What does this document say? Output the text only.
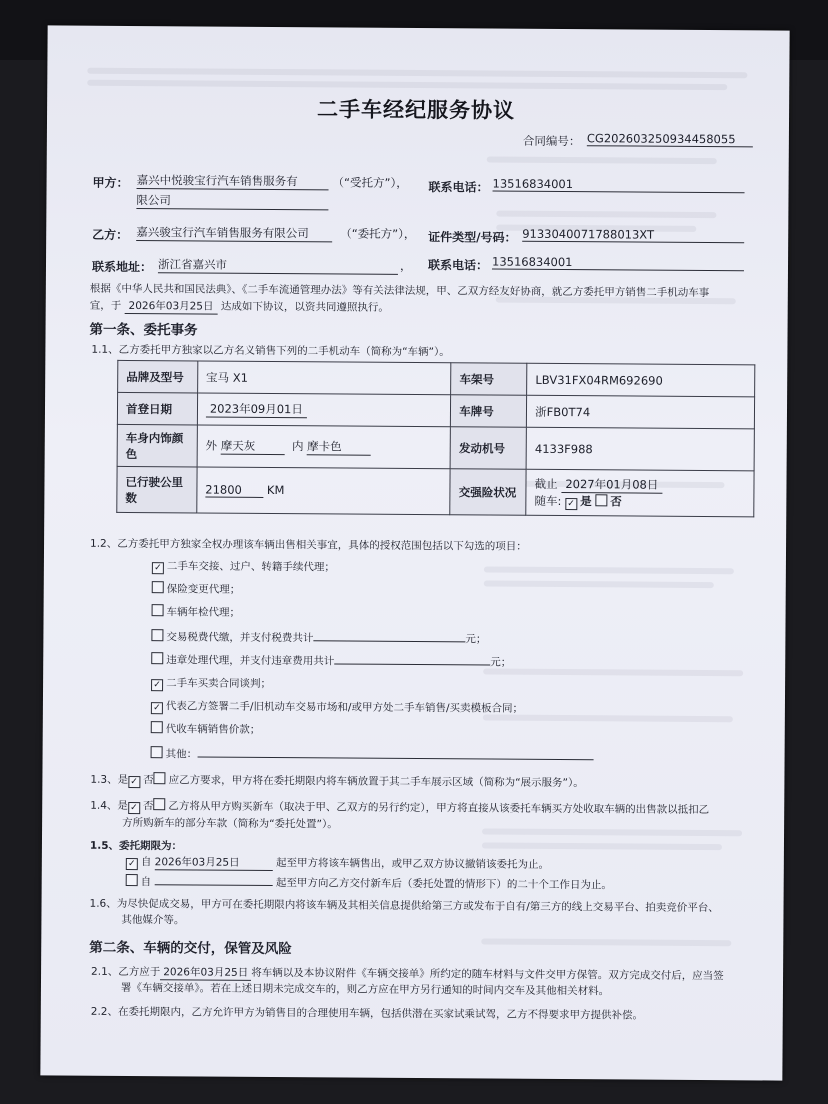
二手车经纪服务协议
合同编号： CG202603250934458055
甲方： 嘉兴中悦骏宝行汽车销售服务有
限公司
（“受托方”）， 联系电话： 13516834001
乙方： 嘉兴骏宝行汽车销售服务有限公司	（“委托方”）， 证件类型/号码： 9133040071788013XT
联系地址： 浙江省嘉兴市	， 联系电话： 13516834001
根据《中华人民共和国民法典》、《二手车流通管理办法》等有关法律法规，甲、乙双方经友好协商，就乙方委托甲方销售二手机动车事
宜，于 2026年03月25日 达成如下协议，以资共同遵照执行。
第一条、委托事务
1.1、乙方委托甲方独家以乙方名义销售下列的二手机动车（简称为“车辆”）。
品牌及型号	宝马 X1	车架号	LBV31FX04RM692690
首登日期	2023年09月01日	车牌号	浙FB0T74
车身内饰颜
色	外 摩天灰 内 摩卡色	发动机号	4133F988
已行驶公里
数	21800 KM	交强险状况	截止 2027年01月08日
随车: ✓ 是 否
1.2、乙方委托甲方独家全权办理该车辆出售相关事宜，具体的授权范围包括以下勾选的项目：
✓ 二手车交接、过户、转籍手续代理；
保险变更代理；
车辆年检代理；
交易税费代缴，并支付税费共计	元；
违章处理代理，并支付违章费用共计	元；
✓ 二手车买卖合同谈判；
✓ 代表乙方签署二手/旧机动车交易市场和/或甲方处二手车销售/买卖模板合同；
代收车辆销售价款；
其他：
1.3、是 ✓ 否 应乙方要求，甲方将在委托期限内将车辆放置于其二手车展示区域（简称为“展示服务”）。
1.4、是 ✓ 否 乙方将从甲方购买新车（取决于甲、乙双方的另行约定），甲方将直接从该委托车辆买方处收取车辆的出售款以抵扣乙
方所购新车的部分车款（简称为“委托处置”）。
1.5、委托期限为：
✓ 自 2026年03月25日	起至甲方将该车辆售出，或甲乙双方协议撤销该委托为止。
自	起至甲方向乙方交付新车后（委托处置的情形下）的二十个工作日为止。
1.6、为尽快促成交易，甲方可在委托期限内将该车辆及其相关信息提供给第三方或发布于自有/第三方的线上交易平台、拍卖竞价平台、
其他媒介等。
第二条、车辆的交付，保管及风险
2.1、乙方应于 2026年03月25日 将车辆以及本协议附件《车辆交接单》所约定的随车材料与文件交甲方保管。双方完成交付后，应当签
署《车辆交接单》。若在上述日期未完成交车的，则乙方应在甲方另行通知的时间内交车及其他相关材料。
2.2、在委托期限内，乙方允许甲方为销售目的合理使用车辆，包括供潜在买家试乘试驾，乙方不得要求甲方提供补偿。
